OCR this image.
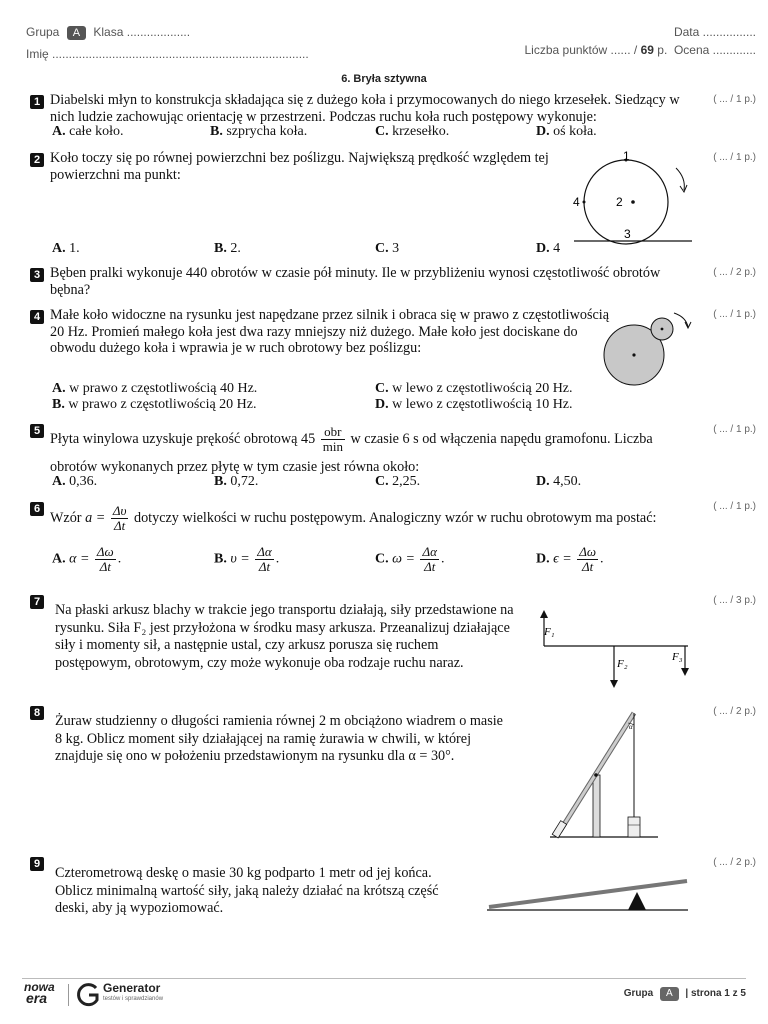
Grupa A Klasa ...................
Imię .............................................................................
Data ................
Liczba punktów ...... / 69 p. Ocena .............
6. Bryła sztywna
1	( ... / 1 p.)
Diabelski młyn to konstrukcja składająca się z dużego koła i przymocowanych do niego krzesełek. Siedzący w nich ludzie zachowując orientację w przestrzeni. Podczas ruchu koła ruch postępowy wykonuje:
A. całe koło.	B. szprycha koła.	C. krzesełko.	D. oś koła.
2	( ... / 1 p.)
Koło toczy się po równej powierzchni bez poślizgu. Największą prędkość względem tej powierzchni ma punkt:
1
2
3
4
A. 1.	B. 2.	C. 3	D. 4
3	( ... / 2 p.)
Bęben pralki wykonuje 440 obrotów w czasie pół minuty. Ile w przybliżeniu wynosi częstotliwość obrotów bębna?
4	( ... / 1 p.)
Małe koło widoczne na rysunku jest napędzane przez silnik i obraca się w prawo z częstotliwością 20 Hz. Promień małego koła jest dwa razy mniejszy niż dużego. Małe koło jest dociskane do obwodu dużego koła i wprawia je w ruch obrotowy bez poślizgu:
A. w prawo z częstotliwością 40 Hz.
B. w prawo z częstotliwością 20 Hz.
C. w lewo z częstotliwością 20 Hz.
D. w lewo z częstotliwością 10 Hz.
5	( ... / 1 p.)
Płyta winylowa uzyskuje prękość obrotową $45 \frac{\text{obr}}{\min}$ w czasie 6 s od włączenia napędu gramofonu. Liczba
obrotów wykonanych przez płytę w tym czasie jest równa około:
A. 0,36.	B. 0,72.	C. 2,25.	D. 4,50.
6	( ... / 1 p.)
Wzór $a = \frac{\Delta\upsilon}{\Delta t}$ dotyczy wielkości w ruchu postępowym. Analogiczny wzór w ruchu obrotowym ma postać:
A. $\alpha = \frac{\Delta\omega}{\Delta t}$ .	B. $\upsilon = \frac{\Delta\alpha}{\Delta t}$ .	C. $\omega = \frac{\Delta\alpha}{\Delta t}$ .	D. $\epsilon = \frac{\Delta\omega}{\Delta t}$ .
7	( ... / 3 p.)
Na płaski arkusz blachy w trakcie jego transportu działają, siły przedstawione na rysunku. Siła F₂ jest przyłożona w środku masy arkusza. Przeanalizuj działające siły i momenty sił, a następnie ustal, czy arkusz porusza się ruchem postępowym, obrotowym, czy może wykonuje oba rodzaje ruchu naraz.
F₁
F₂
F₃
8	( ... / 2 p.)
Żuraw studzienny o długości ramienia równej 2 m obciążono wiadrem o masie 8 kg. Oblicz moment siły działającej na ramię żurawia w chwili, w której znajduje się ono w położeniu przedstawionym na rysunku dla α = 30°.
α
9	( ... / 2 p.)
Czterometrową deskę o masie 30 kg podparto 1 metr od jej końca. Oblicz minimalną wartość siły, jaką należy działać na krótszą część deski, aby ją wypoziomować.
nowa
era
Generator
testów i sprawdzianów	Grupa A | strona 1 z 5
